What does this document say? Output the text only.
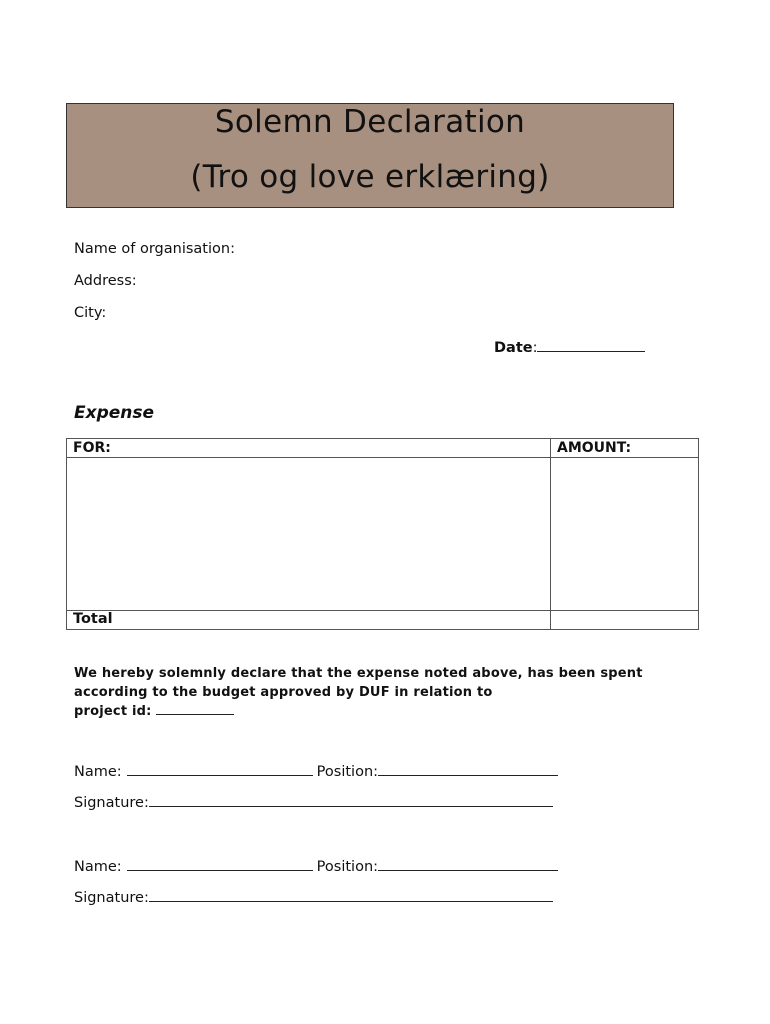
Solemn Declaration
(Tro og love erklæring)
Name of organisation:
Address:
City:
Date:
Expense
FOR:	AMOUNT:
Total
We hereby solemnly declare that the expense noted above, has been spent
according to the budget approved by DUF in relation to
project id:
Name:	Position:
Signature:
Name:	Position:
Signature:
